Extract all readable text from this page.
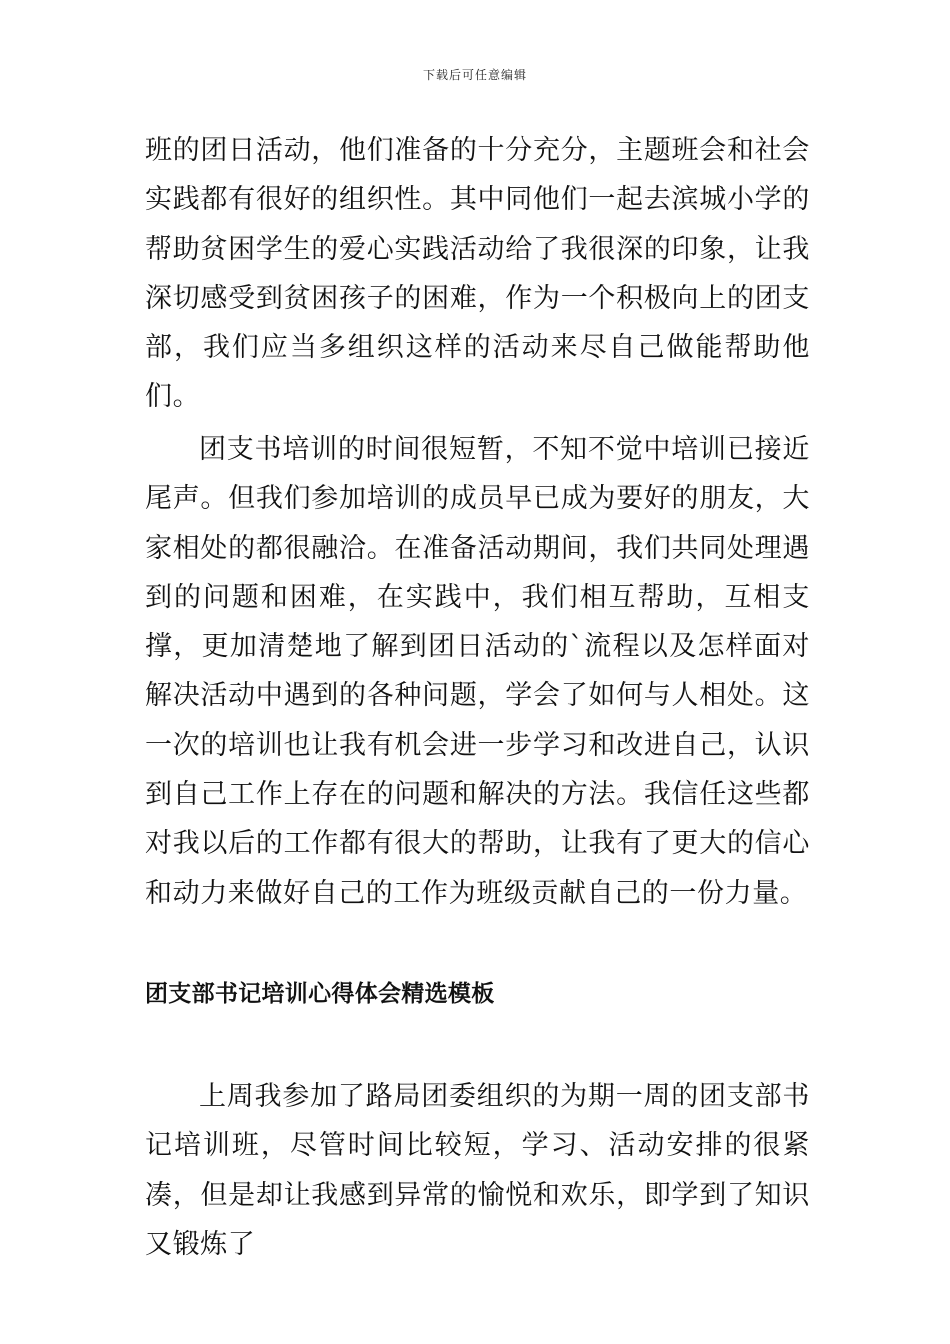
下载后可任意编辑

班的团日活动，他们准备的十分充分，主题班会和社会实践都有很好的组织性。其中同他们一起去滨城小学的帮助贫困学生的爱心实践活动给了我很深的印象，让我深切感受到贫困孩子的困难，作为一个积极向上的团支部，我们应当多组织这样的活动来尽自己做能帮助他们。

团支书培训的时间很短暂，不知不觉中培训已接近尾声。但我们参加培训的成员早已成为要好的朋友，大家相处的都很融洽。在准备活动期间，我们共同处理遇到的问题和困难，在实践中，我们相互帮助，互相支撑，更加清楚地了解到团日活动的`流程以及怎样面对解决活动中遇到的各种问题，学会了如何与人相处。这一次的培训也让我有机会进一步学习和改进自己，认识到自己工作上存在的问题和解决的方法。我信任这些都对我以后的工作都有很大的帮助，让我有了更大的信心和动力来做好自己的工作为班级贡献自己的一份力量。

团支部书记培训心得体会精选模板

上周我参加了路局团委组织的为期一周的团支部书记培训班，尽管时间比较短，学习、活动安排的很紧凑，但是却让我感到异常的愉悦和欢乐，即学到了知识又锻炼了
